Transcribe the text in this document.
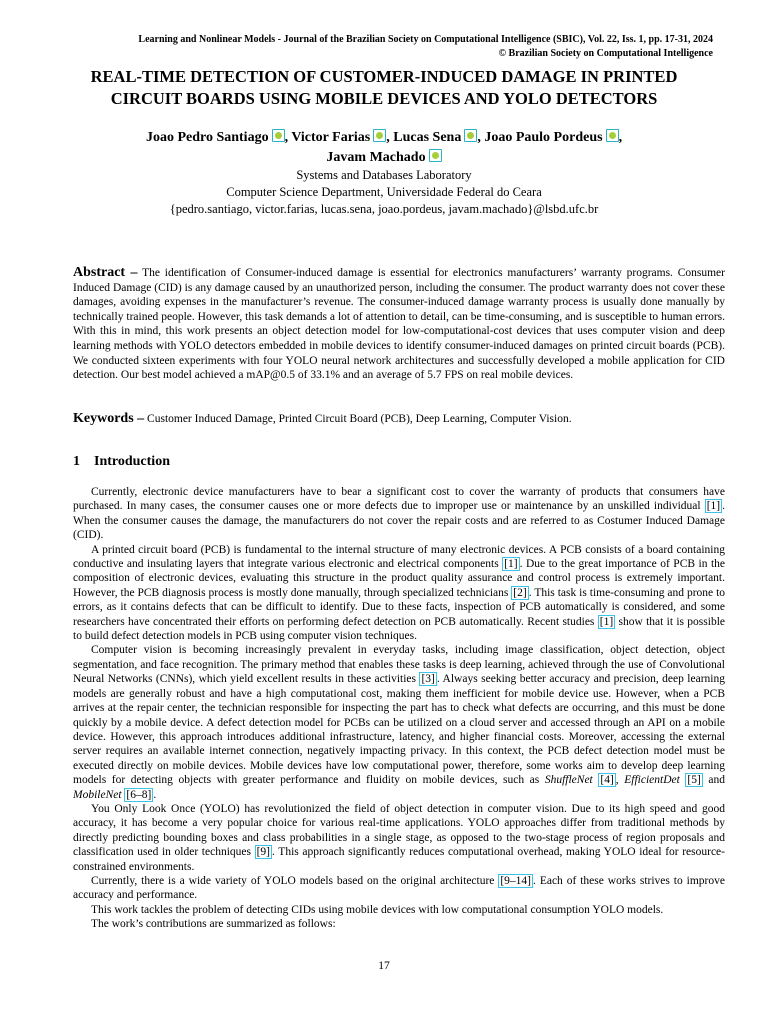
Learning and Nonlinear Models - Journal of the Brazilian Society on Computational Intelligence (SBIC), Vol. 22, Iss. 1, pp. 17-31, 2024
© Brazilian Society on Computational Intelligence
REAL-TIME DETECTION OF CUSTOMER-INDUCED DAMAGE IN PRINTED
CIRCUIT BOARDS USING MOBILE DEVICES AND YOLO DETECTORS
Joao Pedro Santiago , Victor Farias , Lucas Sena , Joao Paulo Pordeus ,
Javam Machado
Systems and Databases Laboratory
Computer Science Department, Universidade Federal do Ceara
{pedro.santiago, victor.farias, lucas.sena, joao.pordeus, javam.machado}@lsbd.ufc.br
Abstract – The identification of Consumer-induced damage is essential for electronics manufacturers’ warranty programs. Consumer Induced Damage (CID) is any damage caused by an unauthorized person, including the consumer. The product warranty does not cover these damages, avoiding expenses in the manufacturer’s revenue. The consumer-induced damage warranty process is usually done manually by technically trained people. However, this task demands a lot of attention to detail, can be time-consuming, and is susceptible to human errors. With this in mind, this work presents an object detection model for low-computational-cost devices that uses computer vision and deep learning methods with YOLO detectors embedded in mobile devices to identify consumer-induced damages on printed circuit boards (PCB). We conducted sixteen experiments with four YOLO neural network architectures and successfully developed a mobile application for CID detection. Our best model achieved a mAP@0.5 of 33.1% and an average of 5.7 FPS on real mobile devices.
Keywords – Customer Induced Damage, Printed Circuit Board (PCB), Deep Learning, Computer Vision.
1 Introduction

Currently, electronic device manufacturers have to bear a significant cost to cover the warranty of products that consumers have purchased. In many cases, the consumer causes one or more defects due to improper use or maintenance by an unskilled individual [1] . When the consumer causes the damage, the manufacturers do not cover the repair costs and are referred to as Costumer Induced Damage (CID).

A printed circuit board (PCB) is fundamental to the internal structure of many electronic devices. A PCB consists of a board containing conductive and insulating layers that integrate various electronic and electrical components [1] . Due to the great importance of PCB in the composition of electronic devices, evaluating this structure in the product quality assurance and control process is extremely important. However, the PCB diagnosis process is mostly done manually, through specialized technicians [2] . This task is time-consuming and prone to errors, as it contains defects that can be difficult to identify. Due to these facts, inspection of PCB automatically is considered, and some researchers have concentrated their efforts on performing defect detection on PCB automatically. Recent studies [1] show that it is possible to build defect detection models in PCB using computer vision techniques.

Computer vision is becoming increasingly prevalent in everyday tasks, including image classification, object detection, object segmentation, and face recognition. The primary method that enables these tasks is deep learning, achieved through the use of Convolutional Neural Networks (CNNs), which yield excellent results in these activities [3] . Always seeking better accuracy and precision, deep learning models are generally robust and have a high computational cost, making them inefficient for mobile device use. However, when a PCB arrives at the repair center, the technician responsible for inspecting the part has to check what defects are occurring, and this must be done quickly by a mobile device. A defect detection model for PCBs can be utilized on a cloud server and accessed through an API on a mobile device. However, this approach introduces additional infrastructure, latency, and higher financial costs. Moreover, accessing the external server requires an available internet connection, negatively impacting privacy. In this context, the PCB defect detection model must be executed directly on mobile devices. Mobile devices have low computational power, therefore, some works aim to develop deep learning models for detecting objects with greater performance and fluidity on mobile devices, such as ShuffleNet [4] , EfficientDet [5] and MobileNet [6–8] .

You Only Look Once (YOLO) has revolutionized the field of object detection in computer vision. Due to its high speed and good accuracy, it has become a very popular choice for various real-time applications. YOLO approaches differ from traditional methods by directly predicting bounding boxes and class probabilities in a single stage, as opposed to the two-stage process of region proposals and classification used in older techniques [9] . This approach significantly reduces computational overhead, making YOLO ideal for resource-constrained environments.

Currently, there is a wide variety of YOLO models based on the original architecture [9–14] . Each of these works strives to improve accuracy and performance.

This work tackles the problem of detecting CIDs using mobile devices with low computational consumption YOLO models.

The work’s contributions are summarized as follows:

17
